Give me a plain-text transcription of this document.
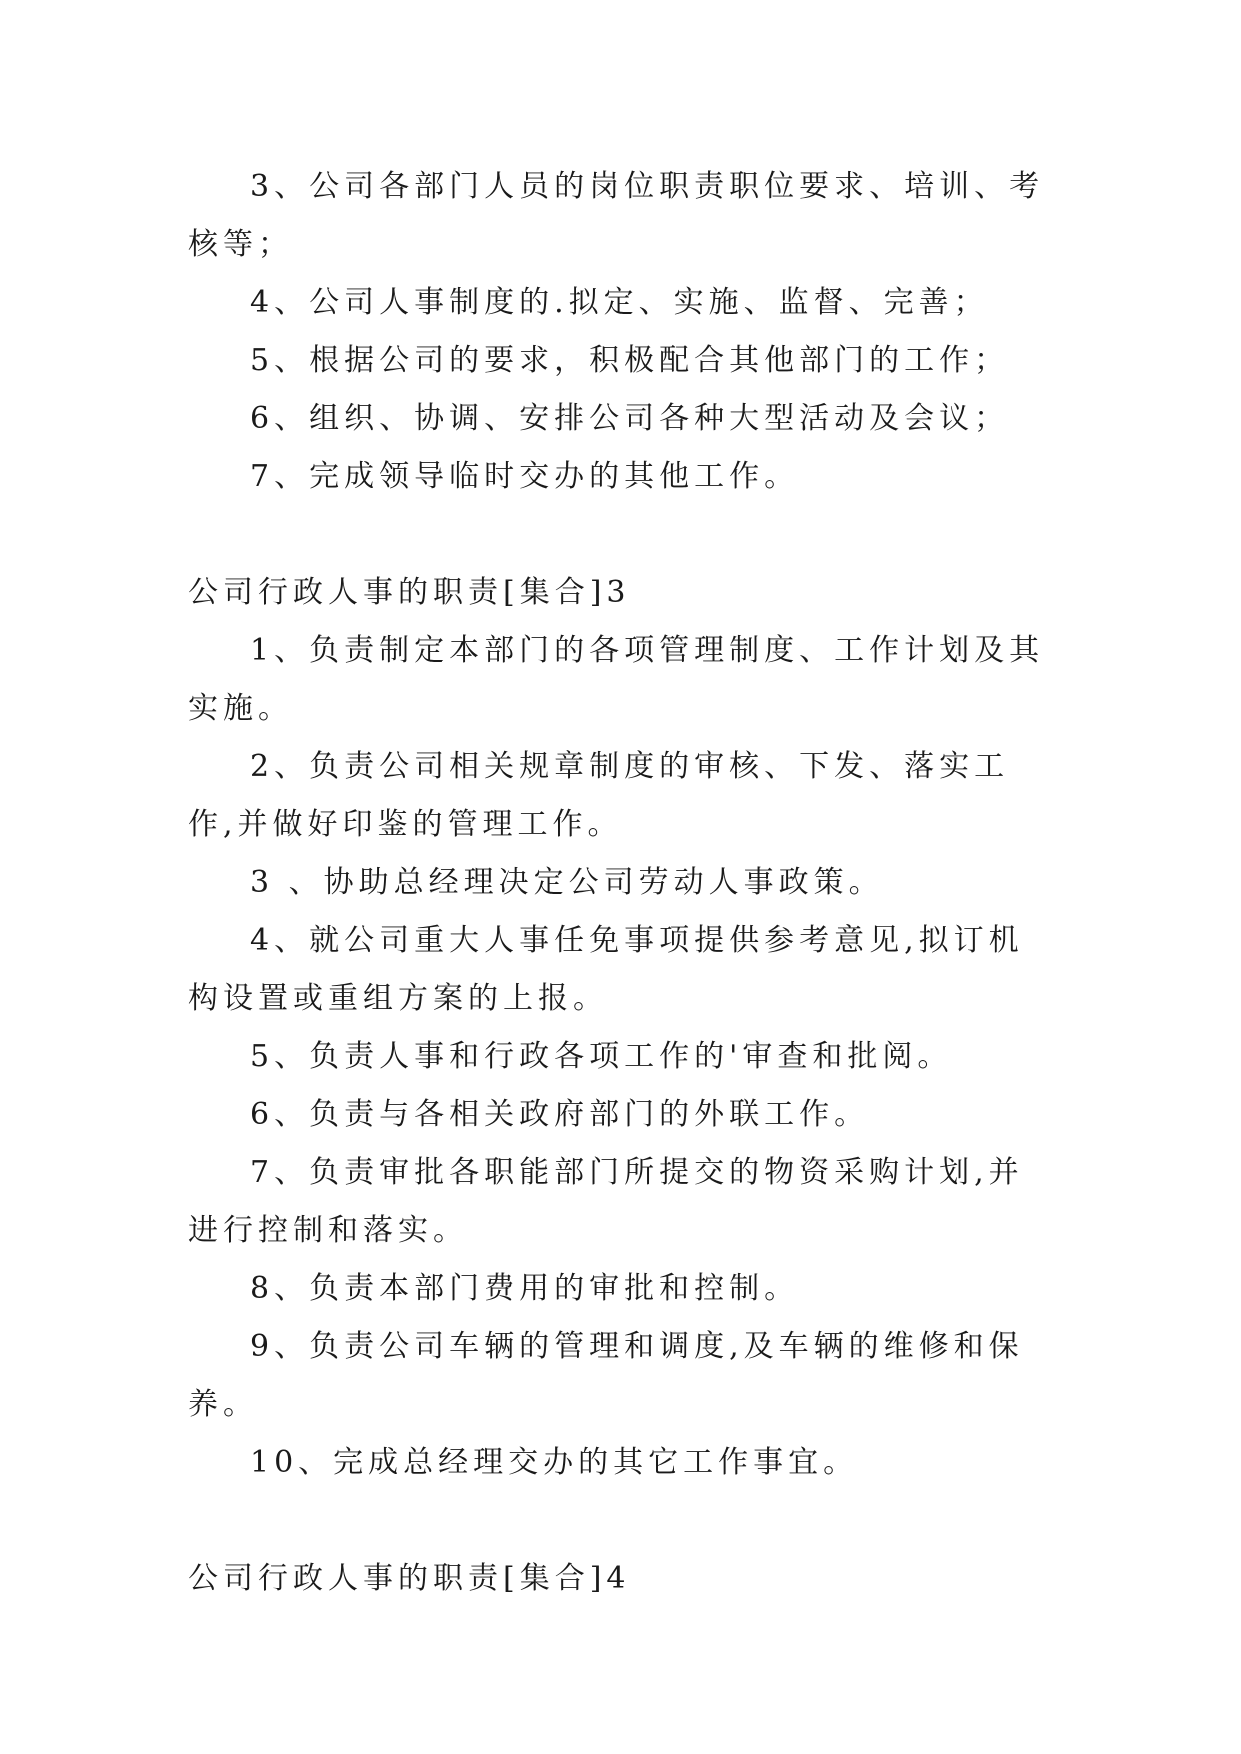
3、公司各部门人员的岗位职责职位要求、培训、考核等；

4、公司人事制度的.拟定、实施、监督、完善；

5、根据公司的要求，积极配合其他部门的工作；

6、组织、协调、安排公司各种大型活动及会议；

7、完成领导临时交办的其他工作。

公司行政人事的职责[集合]3

1、负责制定本部门的各项管理制度、工作计划及其实施。

2、负责公司相关规章制度的审核、下发、落实工作,并做好印鉴的管理工作。

3 、协助总经理决定公司劳动人事政策。

4、就公司重大人事任免事项提供参考意见,拟订机构设置或重组方案的上报。

5、负责人事和行政各项工作的'审查和批阅。

6、负责与各相关政府部门的外联工作。

7、负责审批各职能部门所提交的物资采购计划,并进行控制和落实。

8、负责本部门费用的审批和控制。

9、负责公司车辆的管理和调度,及车辆的维修和保养。

10、完成总经理交办的其它工作事宜。

公司行政人事的职责[集合]4
